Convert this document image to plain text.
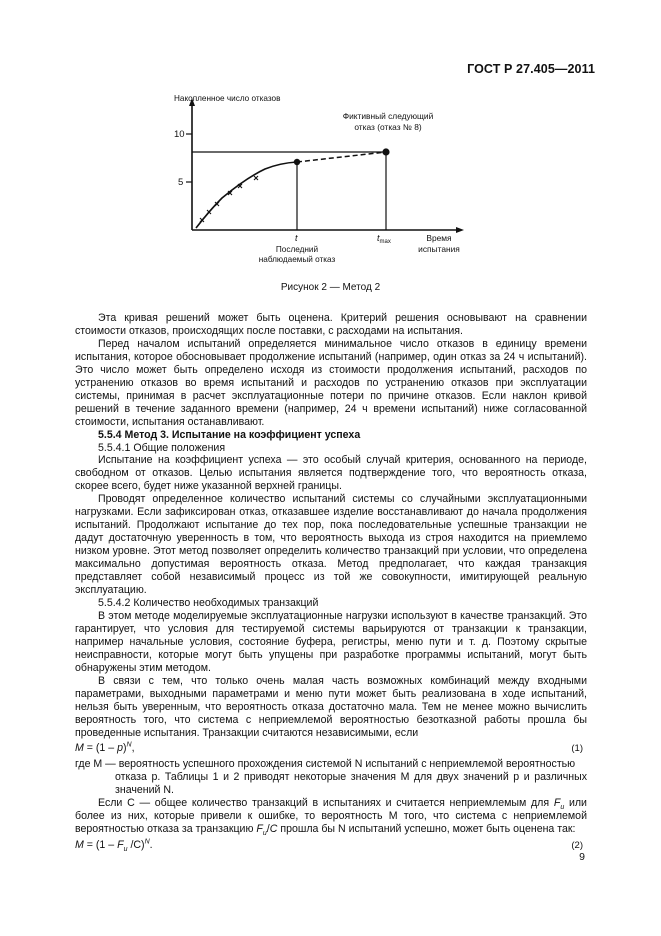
ГОСТ Р 27.405—2011
Накопленное число отказов
10
5
Фиктивный следующий
отказ (отказ № 8)
t
Последний
наблюдаемый отказ
$t_{max}$	Время
испытания
Рисунок 2 — Метод 2

Эта кривая решений может быть оценена. Критерий решения основывают на сравнении стоимости отказов, происходящих после поставки, с расходами на испытания.

Перед началом испытаний определяется минимальное число отказов в единицу времени испытания, которое обосновывает продолжение испытаний (например, один отказ за 24 ч испытаний). Это число может быть определено исходя из стоимости продолжения испытаний, расходов по устранению отказов во время испытаний и расходов по устранению отказов при эксплуатации системы, принимая в расчет эксплуатационные потери по причине отказов. Если наклон кривой решений в течение заданного времени (например, 24 ч времени испытаний) ниже согласованной стоимости, испытания останавливают.

5.5.4 Метод 3. Испытание на коэффициент успеха

5.5.4.1 Общие положения

Испытание на коэффициент успеха — это особый случай критерия, основанного на периоде, свободном от отказов. Целью испытания является подтверждение того, что вероятность отказа, скорее всего, будет ниже указанной верхней границы.

Проводят определенное количество испытаний системы со случайными эксплуатационными нагрузками. Если зафиксирован отказ, отказавшее изделие восстанавливают до начала продолжения испытаний. Продолжают испытание до тех пор, пока последовательные успешные транзакции не дадут достаточную уверенность в том, что вероятность выхода из строя находится на приемлемо низком уровне. Этот метод позволяет определить количество транзакций при условии, что определена максимально допустимая вероятность отказа. Метод предполагает, что каждая транзакция представляет собой независимый процесс из той же совокупности, имитирующей реальную эксплуатацию.

5.5.4.2 Количество необходимых транзакций

В этом методе моделируемые эксплуатационные нагрузки используют в качестве транзакций. Это гарантирует, что условия для тестируемой системы варьируются от транзакции к транзакции, например начальные условия, состояние буфера, регистры, меню пути и т. д. Поэтому скрытые неисправности, которые могут быть упущены при разработке программы испытаний, могут быть обнаружены этим методом.

В связи с тем, что только очень малая часть возможных комбинаций между входными параметрами, выходными параметрами и меню пути может быть реализована в ходе испытаний, нельзя быть уверенным, что вероятность отказа достаточно мала. Тем не менее можно вычислить вероятность того, что система с неприемлемой вероятностью безотказной работы прошла бы проведенные испытания. Транзакции считаются независимыми, если

M = (1 – p)$^N$,	(1)

где M — вероятность успешного прохождения системой N испытаний с неприемлемой вероятностью

отказа p. Таблицы 1 и 2 приводят некоторые значения M для двух значений p и различных значений N.

Если C — общее количество транзакций в испытаниях и считается неприемлемым для $F_u$ или более из них, которые привели к ошибке, то вероятность M того, что система с неприемлемой вероятностью отказа за транзакцию $F_u/C$ прошла бы N испытаний успешно, может быть оценена так:

$M = (1 - F_u$ /C)$^N$.	(2)

9
